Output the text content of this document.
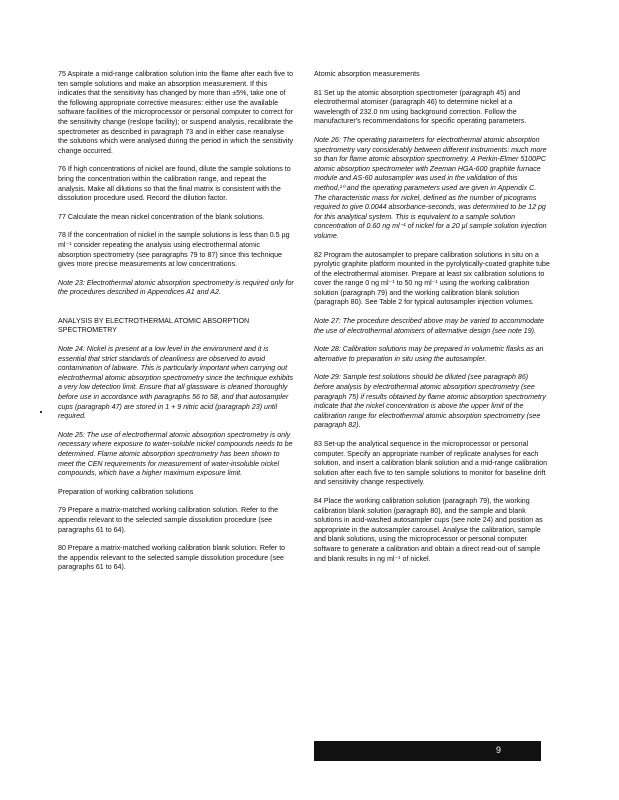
75 Aspirate a mid-range calibration solution into the flame after each five to ten sample solutions and make an absorption measurement. If this indicates that the sensitivity has changed by more than ±5%, take one of the following appropriate corrective measures: either use the available software facilities of the microprocessor or personal computer to correct for the sensitivity change (reslope facility); or suspend analysis, recalibrate the spectrometer as described in paragraph 73 and in either case reanalyse the solutions which were analysed during the period in which the sensitivity change occurred.

76 If high concentrations of nickel are found, dilute the sample solutions to bring the concentration within the calibration range, and repeat the analysis. Make all dilutions so that the final matrix is consistent with the dissolution procedure used. Record the dilution factor.

77 Calculate the mean nickel concentration of the blank solutions.

78 If the concentration of nickel in the sample solutions is less than 0.5 µg ml⁻¹ consider repeating the analysis using electrothermal atomic absorption spectrometry (see paragraphs 79 to 87) since this technique gives more precise measurements at low concentrations.

Note 23: Electrothermal atomic absorption spectrometry is required only for the procedures described in Appendices A1 and A2.

ANALYSIS BY ELECTROTHERMAL ATOMIC ABSORPTION SPECTROMETRY

Note 24: Nickel is present at a low level in the environment and it is essential that strict standards of cleanliness are observed to avoid contamination of labware. This is particularly important when carrying out electrothermal atomic absorption spectrometry since the technique exhibits a very low detection limit. Ensure that all glassware is cleaned thoroughly before use in accordance with paragraphs 56 to 58, and that autosampler cups (paragraph 47) are stored in 1 + 9 nitric acid (paragraph 23) until required.

Note 25: The use of electrothermal atomic absorption spectrometry is only necessary where exposure to water-soluble nickel compounds needs to be determined. Flame atomic absorption spectrometry has been shown to meet the CEN requirements for measurement of water-insoluble nickel compounds, which have a higher maximum exposure limit.

Preparation of working calibration solutions

79 Prepare a matrix-matched working calibration solution. Refer to the appendix relevant to the selected sample dissolution procedure (see paragraphs 61 to 64).

80 Prepare a matrix-matched working calibration blank solution. Refer to the appendix relevant to the selected sample dissolution procedure (see paragraphs 61 to 64).

Atomic absorption measurements

81 Set up the atomic absorption spectrometer (paragraph 45) and electrothermal atomiser (paragraph 46) to determine nickel at a wavelength of 232.0 nm using background correction. Follow the manufacturer's recommendations for specific operating parameters.

Note 26: The operating parameters for electrothermal atomic absorption spectrometry vary considerably between different instruments: much more so than for flame atomic absorption spectrometry. A Perkin-Elmer 5100PC atomic absorption spectrometer with Zeeman HGA-600 graphite furnace module and AS-60 autosampler was used in the validation of this method,¹⁰ and the operating parameters used are given in Appendix C. The characteristic mass for nickel, defined as the number of picograms required to give 0.0044 absorbance-seconds, was determined to be 12 pg for this analytical system. This is equivalent to a sample solution concentration of 0.60 ng ml⁻¹ of nickel for a 20 µl sample solution injection volume.

82 Program the autosampler to prepare calibration solutions in situ on a pyrolytic graphite platform mounted in the pyrolytically-coated graphite tube of the electrothermal atomiser. Prepare at least six calibration solutions to cover the range 0 ng ml⁻¹ to 50 ng ml⁻¹ using the working calibration solution (paragraph 79) and the working calibration blank solution (paragraph 80). See Table 2 for typical autosampler injection volumes.

Note 27: The procedure described above may be varied to accommodate the use of electrothermal atomisers of alternative design (see note 19).

Note 28: Calibration solutions may be prepared in volumetric flasks as an alternative to preparation in situ using the autosampler.

Note 29: Sample test solutions should be diluted (see paragraph 86) before analysis by electrothermal atomic absorption spectrometry (see paragraph 75) if results obtained by flame atomic absorption spectrometry indicate that the nickel concentration is above the upper limit of the calibration range for electrothermal atomic absorption spectrometry (see paragraph 82).

83 Set-up the analytical sequence in the microprocessor or personal computer. Specify an appropriate number of replicate analyses for each solution, and insert a calibration blank solution and a mid-range calibration solution after each five to ten sample solutions to monitor for baseline drift and sensitivity change respectively.

84 Place the working calibration solution (paragraph 79), the working calibration blank solution (paragraph 80), and the sample and blank solutions in acid-washed autosampler cups (see note 24) and position as appropriate in the autosampler carousel. Analyse the calibration, sample and blank solutions, using the microprocessor or personal computer software to generate a calibration and obtain a direct read-out of sample and blank results in ng ml⁻¹ of nickel.

9
